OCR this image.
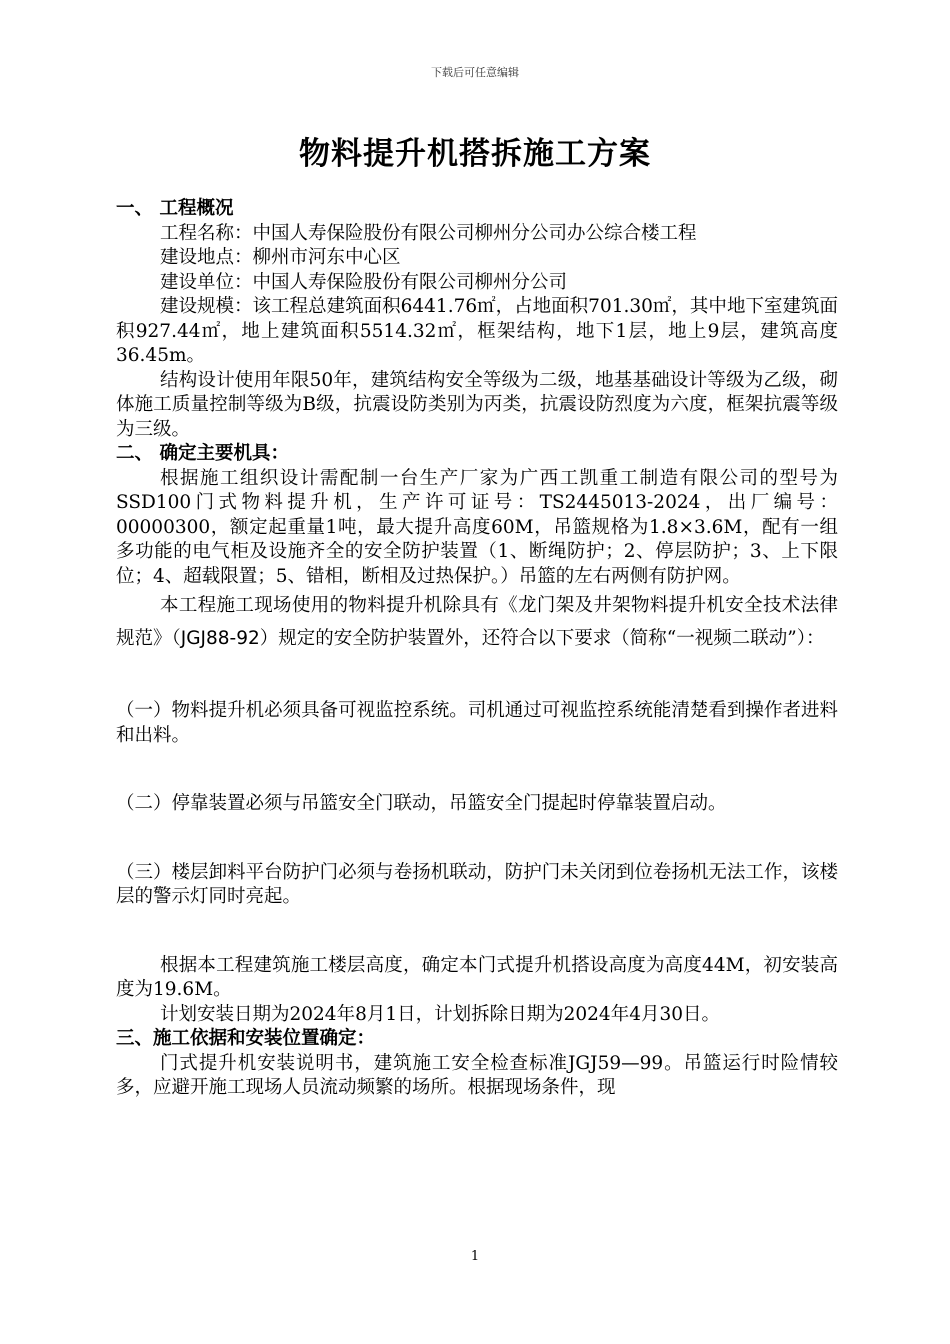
下载后可任意编辑
物料提升机搭拆施工方案

一、 工程概况

工程名称：中国人寿保险股份有限公司柳州分公司办公综合楼工程

建设地点：柳州市河东中心区

建设单位：中国人寿保险股份有限公司柳州分公司

建设规模：该工程总建筑面积6441.76㎡，占地面积701.30㎡，其中地下室建筑面积927.44㎡，地上建筑面积5514.32㎡，框架结构，地下1层，地上9层，建筑高度36.45m。

结构设计使用年限50年，建筑结构安全等级为二级，地基基础设计等级为乙级，砌体施工质量控制等级为B级，抗震设防类别为丙类，抗震设防烈度为六度，框架抗震等级为三级。

二、 确定主要机具：

根据施工组织设计需配制一台生产厂家为广西工凯重工制造有限公司的型号为SSD100门式物料提升机，生产许可证号：TS2445013-2024，出厂编号：00000300，额定起重量1吨，最大提升高度60M，吊篮规格为1.8×3.6M，配有一组多功能的电气柜及设施齐全的安全防护装置（1、断绳防护；2、停层防护；3、上下限位；4、超载限置；5、错相，断相及过热保护。）吊篮的左右两侧有防护网。

本工程施工现场使用的物料提升机除具有《龙门架及井架物料提升机安全技术法律规范》（JGJ88-92）规定的安全防护装置外，还符合以下要求（简称“一视频二联动”）：

（一）物料提升机必须具备可视监控系统。司机通过可视监控系统能清楚看到操作者进料和出料。

（二）停靠装置必须与吊篮安全门联动，吊篮安全门提起时停靠装置启动。

（三）楼层卸料平台防护门必须与卷扬机联动，防护门未关闭到位卷扬机无法工作，该楼层的警示灯同时亮起。

根据本工程建筑施工楼层高度，确定本门式提升机搭设高度为高度44M，初安装高度为19.6M。

计划安装日期为2024年8月1日，计划拆除日期为2024年4月30日。

三、施工依据和安装位置确定：

门式提升机安装说明书，建筑施工安全检查标准JGJ59—99。吊篮运行时险情较多，应避开施工现场人员流动频繁的场所。根据现场条件，现

1
